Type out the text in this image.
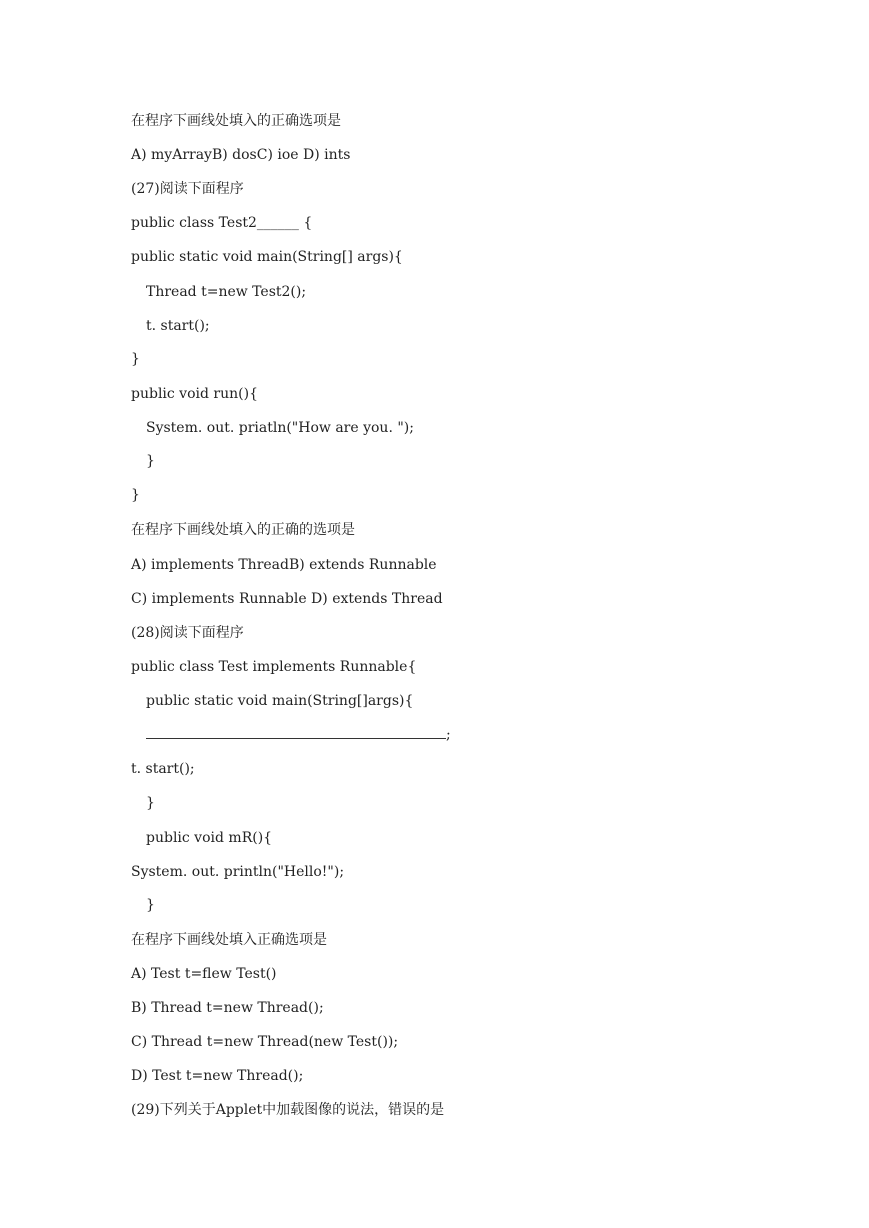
在程序下画线处填入的正确选项是
A) myArrayB) dosC) ioe D) ints
(27)阅读下面程序
public class Test2______ {
public static void main(String[] args){
Thread t=new Test2();
t. start();
}
public void run(){
System. out. priatln("How are you. ");
}
}
在程序下画线处填入的正确的选项是
A) implements ThreadB) extends Runnable
C) implements Runnable D) extends Thread
(28)阅读下面程序
public class Test implements Runnable{
public static void main(String[]args){
;
t. start();
}
public void mR(){
System. out. println("Hello!");
}
在程序下画线处填入正确选项是
A) Test t=flew Test()
B) Thread t=new Thread();
C) Thread t=new Thread(new Test());
D) Test t=new Thread();
(29)下列关于Applet中加载图像的说法，错误的是
